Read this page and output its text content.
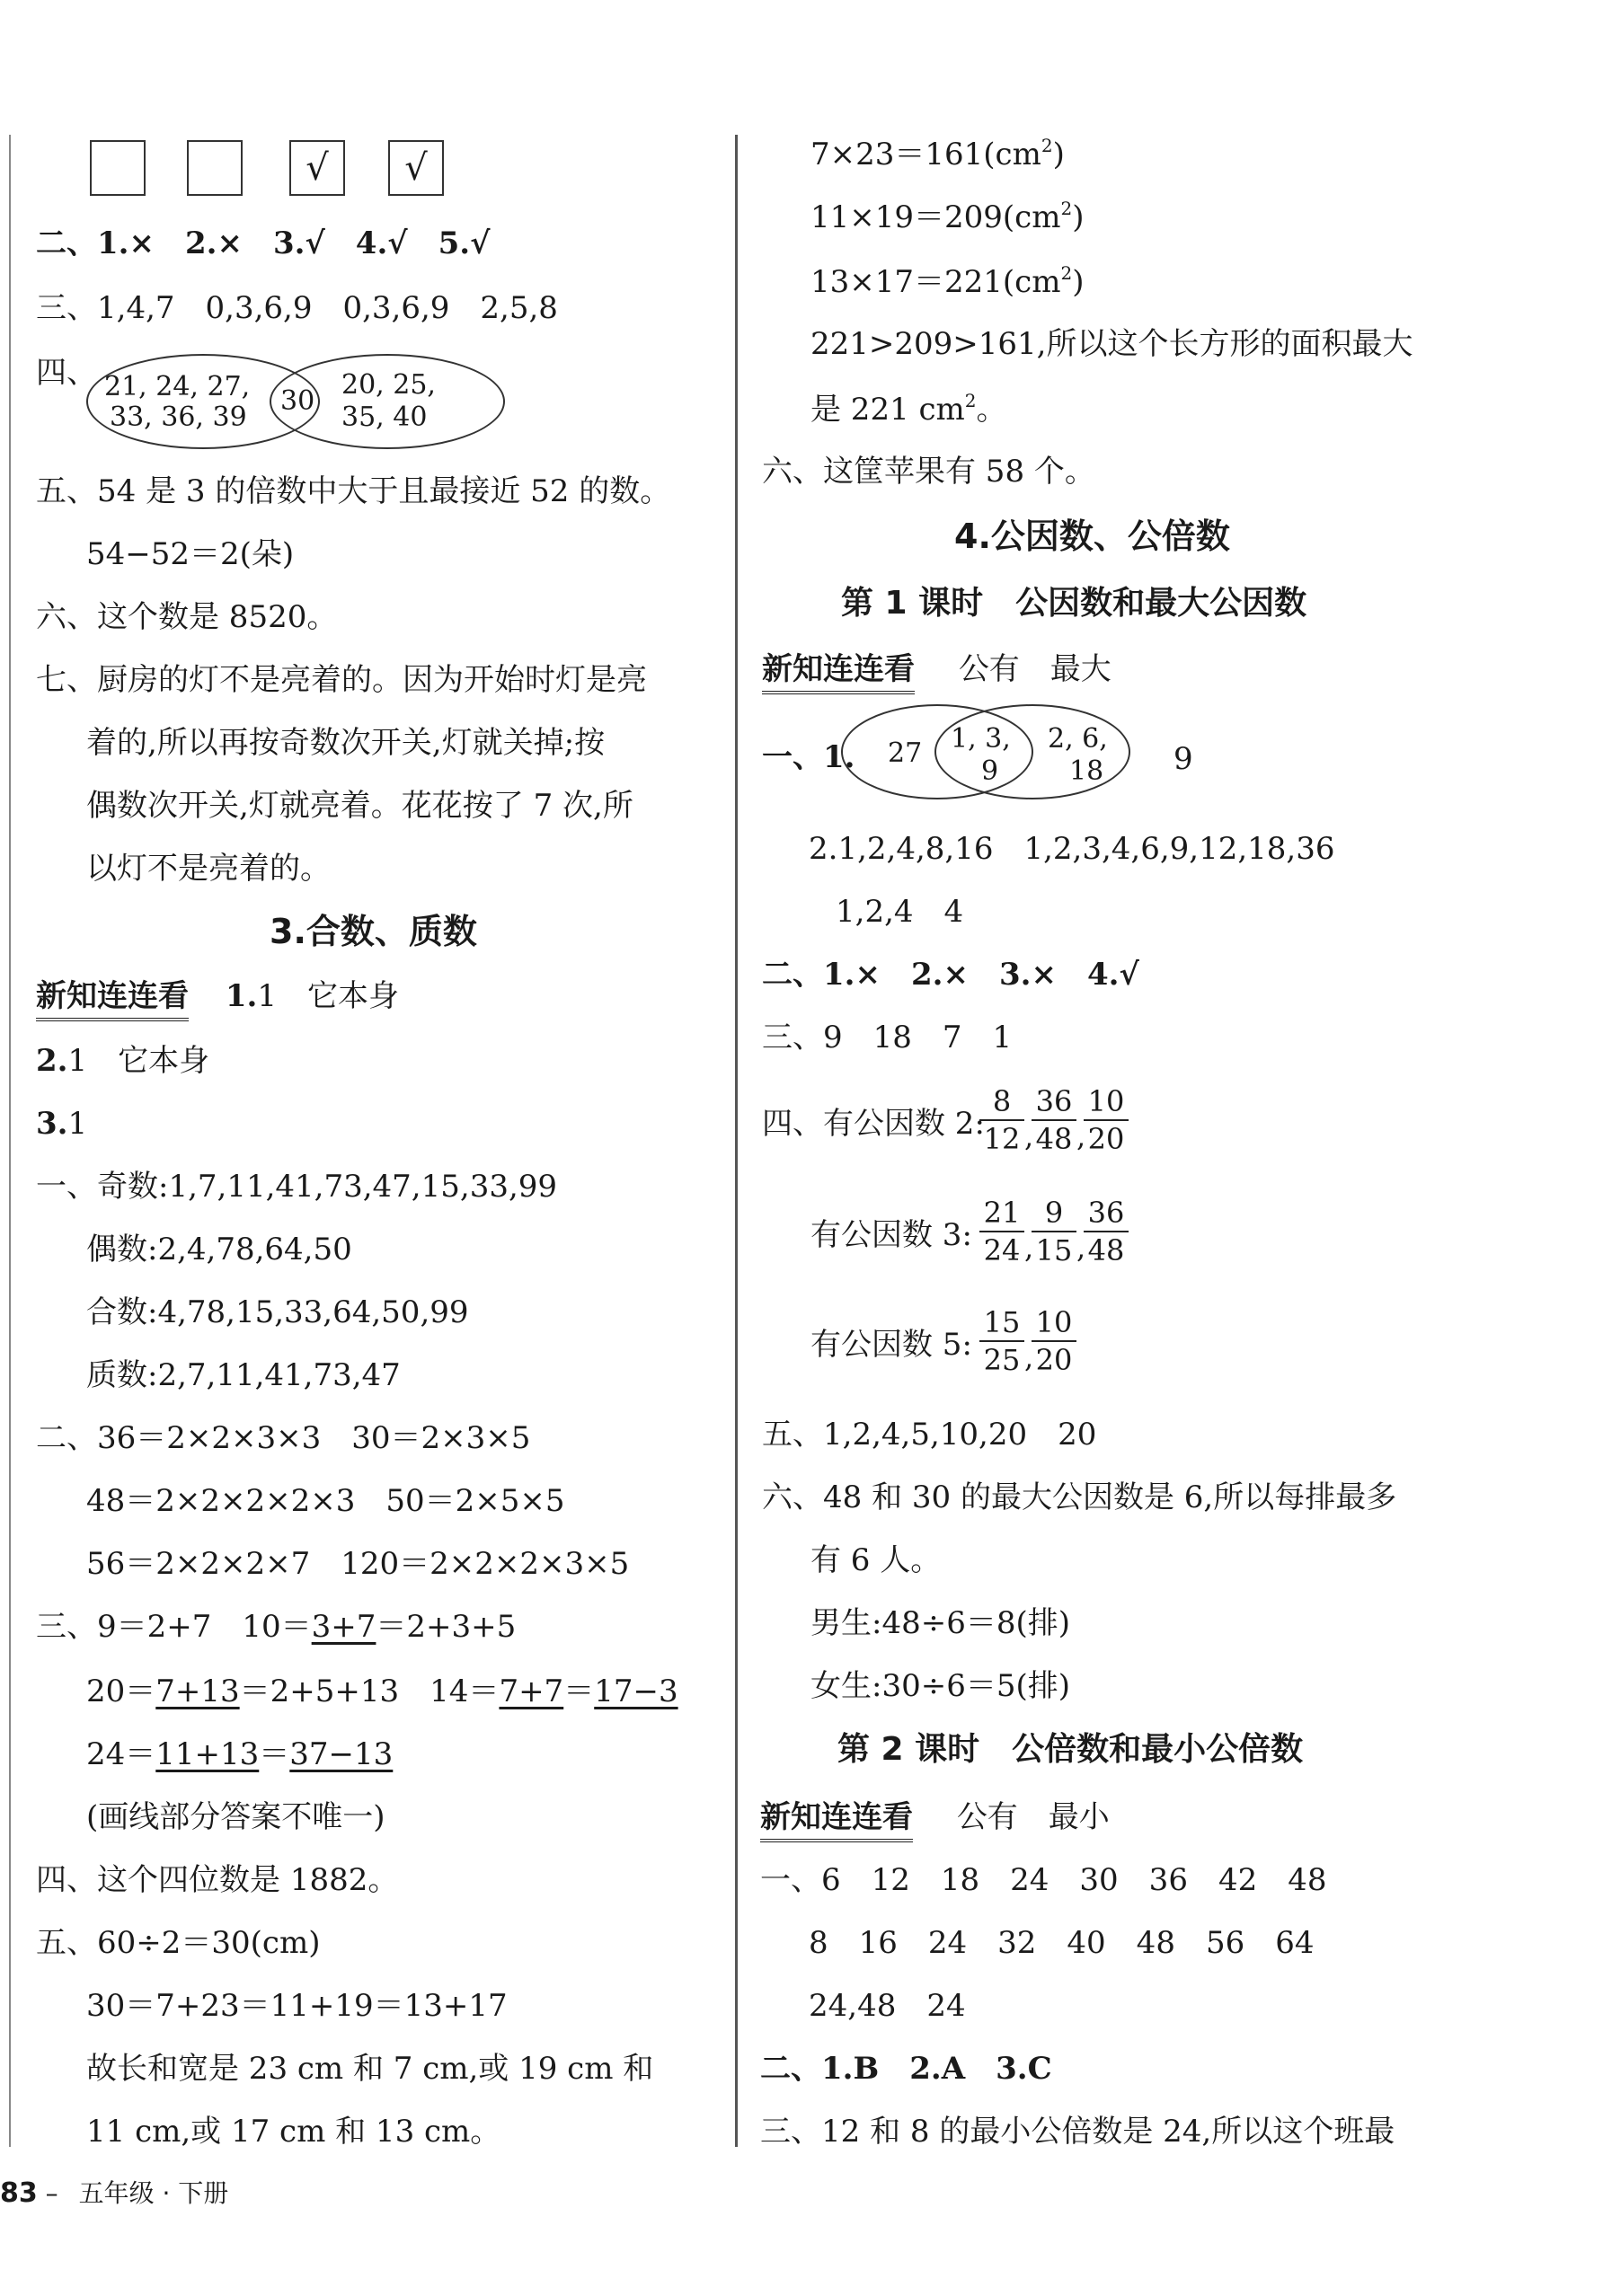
√	√
二、1.×　2.×　3.√　4.√　5.√
三、1,4,7　0,3,6,9　0,3,6,9　2,5,8
四、 21, 24, 27,
33, 36, 39
30
20, 25,
35, 40
五、54 是 3 的倍数中大于且最接近 52 的数。
54−52＝2(朵)
六、这个数是 8520。
七、厨房的灯不是亮着的。因为开始时灯是亮
着的,所以再按奇数次开关,灯就关掉;按
偶数次开关,灯就亮着。花花按了 7 次,所
以灯不是亮着的。
3.合数、质数
新知连连看 1.1　它本身
2.1　它本身
3.1
一、奇数:1,7,11,41,73,47,15,33,99
偶数:2,4,78,64,50
合数:4,78,15,33,64,50,99
质数:2,7,11,41,73,47
二、36＝2×2×3×3　30＝2×3×5
48＝2×2×2×2×3　50＝2×5×5
56＝2×2×2×7　120＝2×2×2×3×5
三、9＝2+7　10＝3+7＝2+3+5
20＝7+13＝2+5+13　14＝7+7＝17−3
24＝11+13＝37−13
(画线部分答案不唯一)
四、这个四位数是 1882。
五、60÷2＝30(cm)
30＝7+23＝11+19＝13+17
故长和宽是 23 cm 和 7 cm,或 19 cm 和
11 cm,或 17 cm 和 13 cm。
$7\times 23=161(cm^2)$
$11\times 19=209(cm^2)$
$13\times 17=221(cm^2)$
221>209>161,所以这个长方形的面积最大
是 221 $cm^2$。
六、这筐苹果有 58 个。
4.公因数、公倍数
第 1 课时　公因数和最大公因数
新知连连看 公有　最大
一、1. 27 1, 3,
9
2, 6,
18 9
2.1,2,4,8,16　1,2,3,4,6,9,12,18,36
1,2,4　4
二、1.×　2.×　3.×　4.√
三、9　18　7　1
四、有公因数 2:
$\frac{8}{12}$ ,
$\frac{36}{48}$ ,
$\frac{10}{20}$
有公因数 3: $\frac{21}{24}$ ,
$\frac{9}{15}$ ,
$\frac{36}{48}$
有公因数 5: $\frac{15}{25}$ ,
$\frac{10}{20}$
五、1,2,4,5,10,20　20
六、48 和 30 的最大公因数是 6,所以每排最多
有 6 人。
男生:48÷6＝8(排)
女生:30÷6＝5(排)
第 2 课时　公倍数和最小公倍数
新知连连看 公有　最小
一、6　12　18　24　30　36　42　48
8　16　24　32　40　48　56　64
24,48　24
二、1.B　2.A　3.C
三、12 和 8 的最小公倍数是 24,所以这个班最
83 – 五年级 · 下册
